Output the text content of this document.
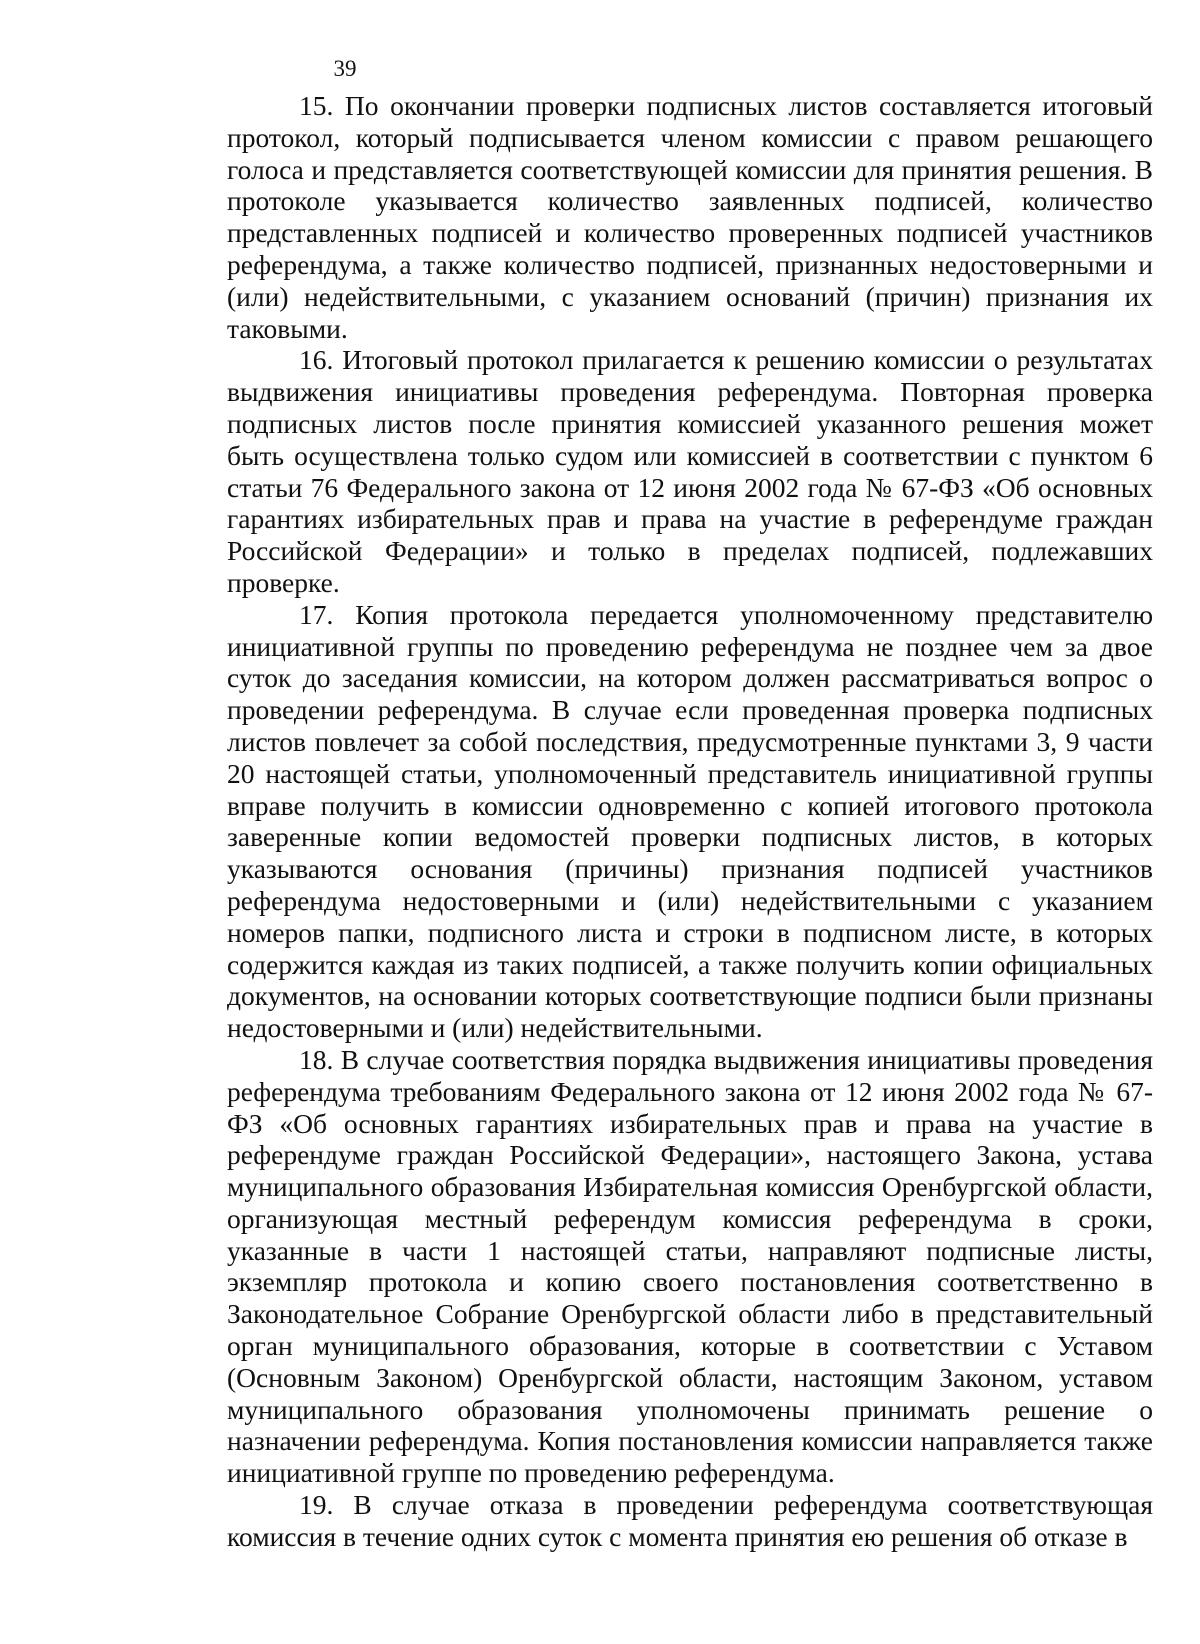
39

15. По окончании проверки подписных листов составляется итоговый протокол, который подписывается членом комиссии с правом решающего голоса и представляется соответствующей комиссии для принятия решения. В протоколе указывается количество заявленных подписей, количество представленных подписей и количество проверенных подписей участников референдума, а также количество подписей, признанных недостоверными и (или) недействительными, с указанием оснований (причин) признания их таковыми.

16. Итоговый протокол прилагается к решению комиссии о результатах выдвижения инициативы проведения референдума. Повторная проверка подписных листов после принятия комиссией указанного решения может быть осуществлена только судом или комиссией в соответствии с пунктом 6 статьи 76 Федерального закона от 12 июня 2002 года № 67-ФЗ «Об основных гарантиях избирательных прав и права на участие в референдуме граждан Российской Федерации» и только в пределах подписей, подлежавших проверке.

17. Копия протокола передается уполномоченному представителю инициативной группы по проведению референдума не позднее чем за двое суток до заседания комиссии, на котором должен рассматриваться вопрос о проведении референдума. В случае если проведенная проверка подписных листов повлечет за собой последствия, предусмотренные пунктами 3, 9 части 20 настоящей статьи, уполномоченный представитель инициативной группы вправе получить в комиссии одновременно с копией итогового протокола заверенные копии ведомостей проверки подписных листов, в которых указываются основания (причины) признания подписей участников референдума недостоверными и (или) недействительными с указанием номеров папки, подписного листа и строки в подписном листе, в которых содержится каждая из таких подписей, а также получить копии официальных документов, на основании которых соответствующие подписи были признаны недостоверными и (или) недействительными.

18. В случае соответствия порядка выдвижения инициативы проведения референдума требованиям Федерального закона от 12 июня 2002 года № 67-ФЗ «Об основных гарантиях избирательных прав и права на участие в референдуме граждан Российской Федерации», настоящего Закона, устава муниципального образования Избирательная комиссия Оренбургской области, организующая местный референдум комиссия референдума в сроки, указанные в части 1 настоящей статьи, направляют подписные листы, экземпляр протокола и копию своего постановления соответственно в Законодательное Собрание Оренбургской области либо в представительный орган муниципального образования, которые в соответствии с Уставом (Основным Законом) Оренбургской области, настоящим Законом, уставом муниципального образования уполномочены принимать решение о назначении референдума. Копия постановления комиссии направляется также инициативной группе по проведению референдума.

19. В случае отказа в проведении референдума соответствующая комиссия в течение одних суток с момента принятия ею решения об отказе в
